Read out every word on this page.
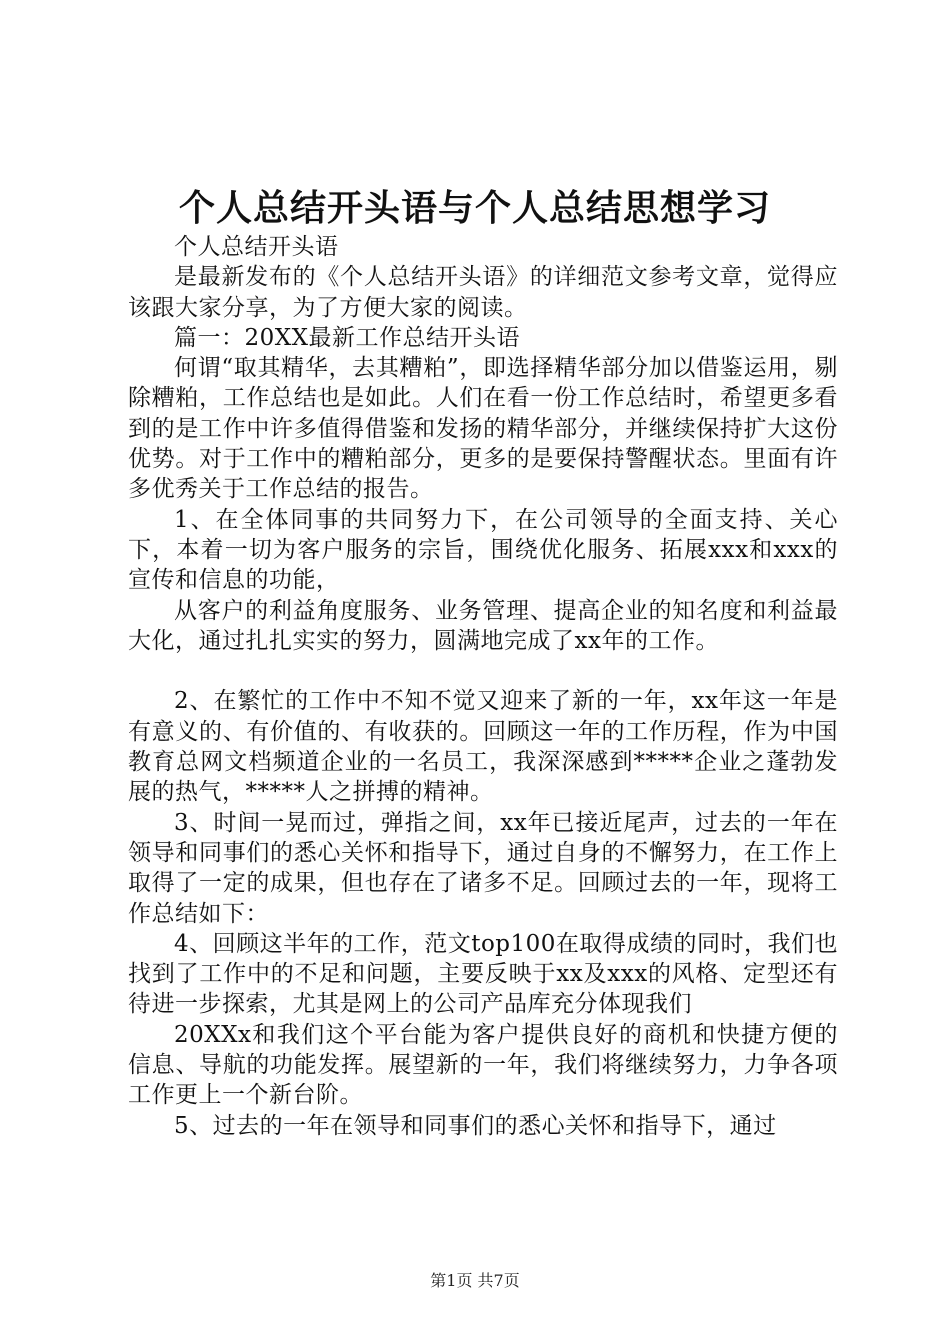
个人总结开头语与个人总结思想学习

个人总结开头语

是最新发布的《个人总结开头语》的详细范文参考文章，觉得应该跟大家分享，为了方便大家的阅读。

篇一：20XX最新工作总结开头语

何谓“取其精华，去其糟粕”，即选择精华部分加以借鉴运用，剔除糟粕，工作总结也是如此。人们在看一份工作总结时，希望更多看到的是工作中许多值得借鉴和发扬的精华部分，并继续保持扩大这份优势。对于工作中的糟粕部分，更多的是要保持警醒状态。里面有许多优秀关于工作总结的报告。

1、在全体同事的共同努力下，在公司领导的全面支持、关心下，本着一切为客户服务的宗旨，围绕优化服务、拓展xxx和xxx的宣传和信息的功能，

从客户的利益角度服务、业务管理、提高企业的知名度和利益最大化，通过扎扎实实的努力，圆满地完成了xx年的工作。

2、在繁忙的工作中不知不觉又迎来了新的一年，xx年这一年是有意义的、有价值的、有收获的。回顾这一年的工作历程，作为中国教育总网文档频道企业的一名员工，我深深感到*****企业之蓬勃发展的热气，*****人之拼搏的精神。

3、时间一晃而过，弹指之间，xx年已接近尾声，过去的一年在领导和同事们的悉心关怀和指导下，通过自身的不懈努力，在工作上取得了一定的成果，但也存在了诸多不足。回顾过去的一年，现将工作总结如下：

4、回顾这半年的工作，范文top100在取得成绩的同时，我们也找到了工作中的不足和问题，主要反映于xx及xxx的风格、定型还有待进一步探索，尤其是网上的公司产品库充分体现我们

20XXx和我们这个平台能为客户提供良好的商机和快捷方便的信息、导航的功能发挥。展望新的一年，我们将继续努力，力争各项工作更上一个新台阶。

5、过去的一年在领导和同事们的悉心关怀和指导下，通过

第1页 共7页
